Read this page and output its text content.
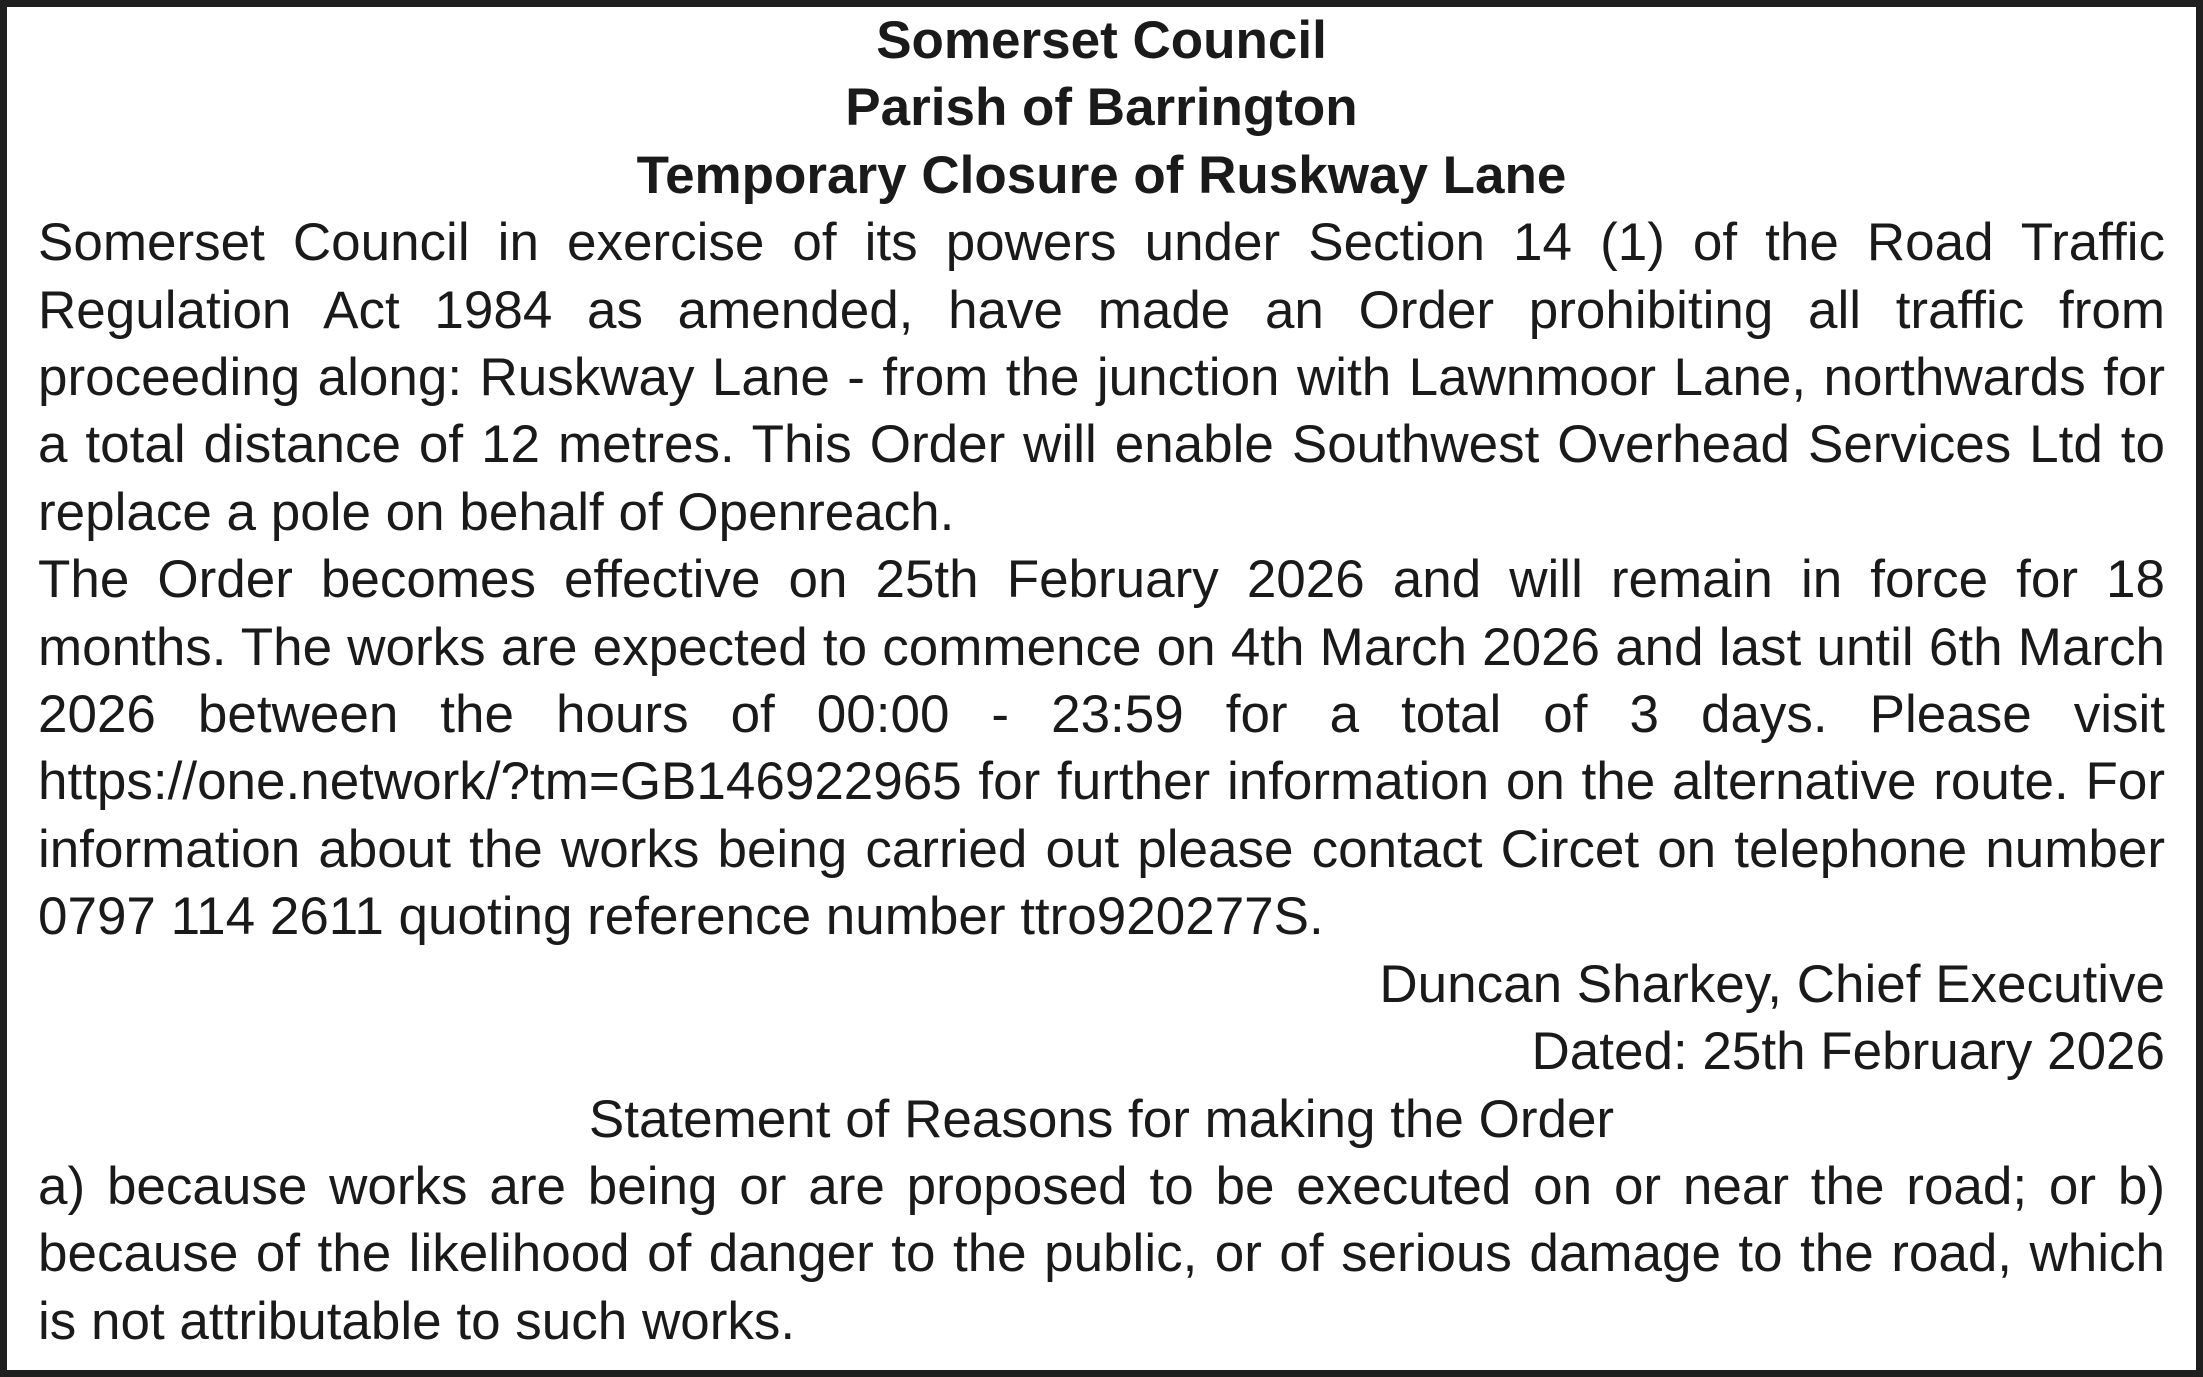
Somerset Council

Parish of Barrington

Temporary Closure of Ruskway Lane

Somerset Council in exercise of its powers under Section 14 (1) of the Road Traffic Regulation Act 1984 as amended, have made an Order prohibiting all traffic from proceeding along: Ruskway Lane - from the junction with Lawnmoor Lane, northwards for a total distance of 12 metres. This Order will enable Southwest Overhead Services Ltd to replace a pole on behalf of Openreach.

The Order becomes effective on 25th February 2026 and will remain in force for 18 months. The works are expected to commence on 4th March 2026 and last until 6th March 2026 between the hours of 00:00 - 23:59 for a total of 3 days. Please visit https://one.network/?tm=GB146922965 for further information on the alternative route. For information about the works being carried out please contact Circet on telephone number 0797 114 2611 quoting reference number ttro920277S.

Duncan Sharkey, Chief Executive

Dated: 25th February 2026

Statement of Reasons for making the Order

a) because works are being or are proposed to be executed on or near the road; or b) because of the likelihood of danger to the public, or of serious damage to the road, which is not attributable to such works.
